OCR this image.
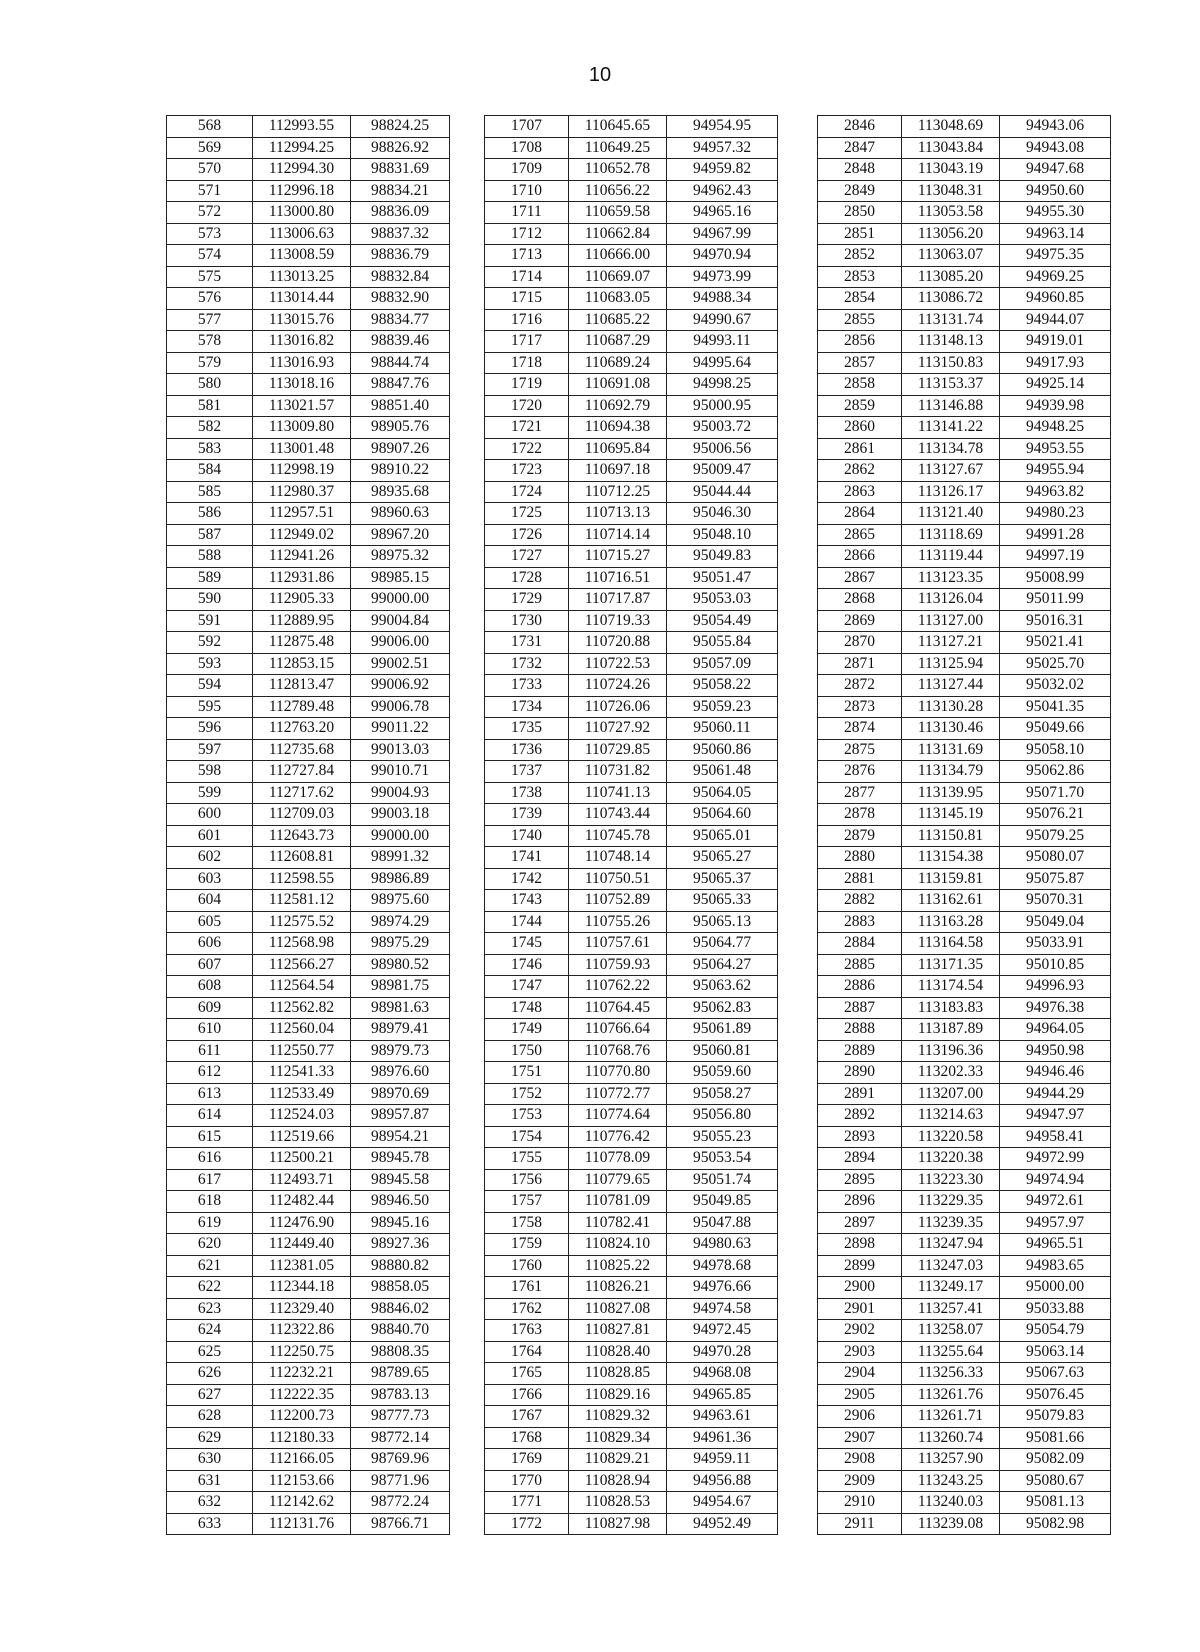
10
568	112993.55	98824.25
569	112994.25	98826.92
570	112994.30	98831.69
571	112996.18	98834.21
572	113000.80	98836.09
573	113006.63	98837.32
574	113008.59	98836.79
575	113013.25	98832.84
576	113014.44	98832.90
577	113015.76	98834.77
578	113016.82	98839.46
579	113016.93	98844.74
580	113018.16	98847.76
581	113021.57	98851.40
582	113009.80	98905.76
583	113001.48	98907.26
584	112998.19	98910.22
585	112980.37	98935.68
586	112957.51	98960.63
587	112949.02	98967.20
588	112941.26	98975.32
589	112931.86	98985.15
590	112905.33	99000.00
591	112889.95	99004.84
592	112875.48	99006.00
593	112853.15	99002.51
594	112813.47	99006.92
595	112789.48	99006.78
596	112763.20	99011.22
597	112735.68	99013.03
598	112727.84	99010.71
599	112717.62	99004.93
600	112709.03	99003.18
601	112643.73	99000.00
602	112608.81	98991.32
603	112598.55	98986.89
604	112581.12	98975.60
605	112575.52	98974.29
606	112568.98	98975.29
607	112566.27	98980.52
608	112564.54	98981.75
609	112562.82	98981.63
610	112560.04	98979.41
611	112550.77	98979.73
612	112541.33	98976.60
613	112533.49	98970.69
614	112524.03	98957.87
615	112519.66	98954.21
616	112500.21	98945.78
617	112493.71	98945.58
618	112482.44	98946.50
619	112476.90	98945.16
620	112449.40	98927.36
621	112381.05	98880.82
622	112344.18	98858.05
623	112329.40	98846.02
624	112322.86	98840.70
625	112250.75	98808.35
626	112232.21	98789.65
627	112222.35	98783.13
628	112200.73	98777.73
629	112180.33	98772.14
630	112166.05	98769.96
631	112153.66	98771.96
632	112142.62	98772.24
633	112131.76	98766.71
1707	110645.65	94954.95
1708	110649.25	94957.32
1709	110652.78	94959.82
1710	110656.22	94962.43
1711	110659.58	94965.16
1712	110662.84	94967.99
1713	110666.00	94970.94
1714	110669.07	94973.99
1715	110683.05	94988.34
1716	110685.22	94990.67
1717	110687.29	94993.11
1718	110689.24	94995.64
1719	110691.08	94998.25
1720	110692.79	95000.95
1721	110694.38	95003.72
1722	110695.84	95006.56
1723	110697.18	95009.47
1724	110712.25	95044.44
1725	110713.13	95046.30
1726	110714.14	95048.10
1727	110715.27	95049.83
1728	110716.51	95051.47
1729	110717.87	95053.03
1730	110719.33	95054.49
1731	110720.88	95055.84
1732	110722.53	95057.09
1733	110724.26	95058.22
1734	110726.06	95059.23
1735	110727.92	95060.11
1736	110729.85	95060.86
1737	110731.82	95061.48
1738	110741.13	95064.05
1739	110743.44	95064.60
1740	110745.78	95065.01
1741	110748.14	95065.27
1742	110750.51	95065.37
1743	110752.89	95065.33
1744	110755.26	95065.13
1745	110757.61	95064.77
1746	110759.93	95064.27
1747	110762.22	95063.62
1748	110764.45	95062.83
1749	110766.64	95061.89
1750	110768.76	95060.81
1751	110770.80	95059.60
1752	110772.77	95058.27
1753	110774.64	95056.80
1754	110776.42	95055.23
1755	110778.09	95053.54
1756	110779.65	95051.74
1757	110781.09	95049.85
1758	110782.41	95047.88
1759	110824.10	94980.63
1760	110825.22	94978.68
1761	110826.21	94976.66
1762	110827.08	94974.58
1763	110827.81	94972.45
1764	110828.40	94970.28
1765	110828.85	94968.08
1766	110829.16	94965.85
1767	110829.32	94963.61
1768	110829.34	94961.36
1769	110829.21	94959.11
1770	110828.94	94956.88
1771	110828.53	94954.67
1772	110827.98	94952.49
2846	113048.69	94943.06
2847	113043.84	94943.08
2848	113043.19	94947.68
2849	113048.31	94950.60
2850	113053.58	94955.30
2851	113056.20	94963.14
2852	113063.07	94975.35
2853	113085.20	94969.25
2854	113086.72	94960.85
2855	113131.74	94944.07
2856	113148.13	94919.01
2857	113150.83	94917.93
2858	113153.37	94925.14
2859	113146.88	94939.98
2860	113141.22	94948.25
2861	113134.78	94953.55
2862	113127.67	94955.94
2863	113126.17	94963.82
2864	113121.40	94980.23
2865	113118.69	94991.28
2866	113119.44	94997.19
2867	113123.35	95008.99
2868	113126.04	95011.99
2869	113127.00	95016.31
2870	113127.21	95021.41
2871	113125.94	95025.70
2872	113127.44	95032.02
2873	113130.28	95041.35
2874	113130.46	95049.66
2875	113131.69	95058.10
2876	113134.79	95062.86
2877	113139.95	95071.70
2878	113145.19	95076.21
2879	113150.81	95079.25
2880	113154.38	95080.07
2881	113159.81	95075.87
2882	113162.61	95070.31
2883	113163.28	95049.04
2884	113164.58	95033.91
2885	113171.35	95010.85
2886	113174.54	94996.93
2887	113183.83	94976.38
2888	113187.89	94964.05
2889	113196.36	94950.98
2890	113202.33	94946.46
2891	113207.00	94944.29
2892	113214.63	94947.97
2893	113220.58	94958.41
2894	113220.38	94972.99
2895	113223.30	94974.94
2896	113229.35	94972.61
2897	113239.35	94957.97
2898	113247.94	94965.51
2899	113247.03	94983.65
2900	113249.17	95000.00
2901	113257.41	95033.88
2902	113258.07	95054.79
2903	113255.64	95063.14
2904	113256.33	95067.63
2905	113261.76	95076.45
2906	113261.71	95079.83
2907	113260.74	95081.66
2908	113257.90	95082.09
2909	113243.25	95080.67
2910	113240.03	95081.13
2911	113239.08	95082.98
